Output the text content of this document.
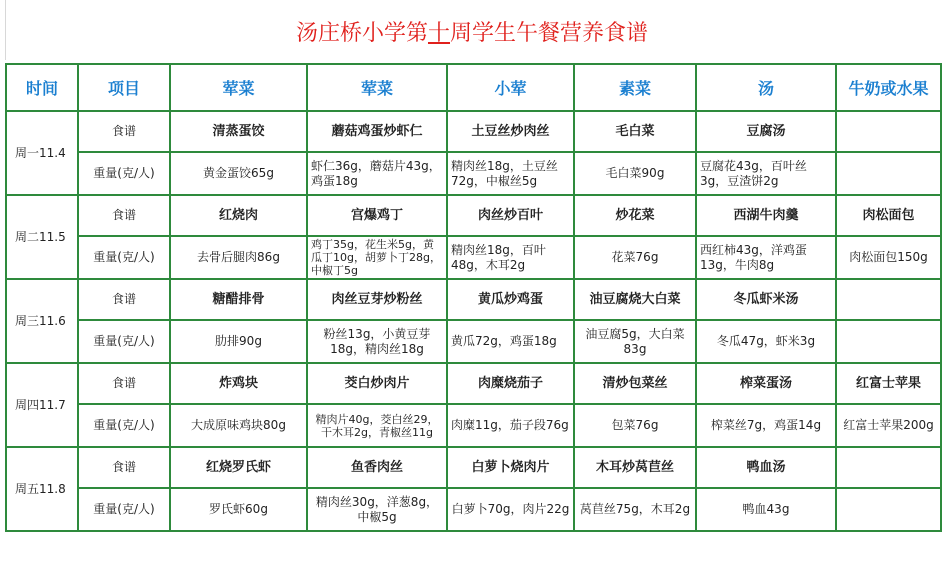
汤庄桥小学第十周学生午餐营养食谱
时间	项目	荤菜	荤菜	小荤	素菜	汤	牛奶或水果
周一11.4	食谱	清蒸蛋饺	蘑菇鸡蛋炒虾仁	土豆丝炒肉丝	毛白菜	豆腐汤	
	重量(克/人)	黄金蛋饺65g	虾仁36g，蘑菇片43g，鸡蛋18g	精肉丝18g，土豆丝72g，中椒丝5g	毛白菜90g	豆腐花43g，百叶丝3g，豆渣饼2g	
周二11.5	食谱	红烧肉	宫爆鸡丁	肉丝炒百叶	炒花菜	西湖牛肉羹	肉松面包
	重量(克/人)	去骨后腿肉86g	鸡丁35g，花生米5g，黄瓜丁10g，胡萝卜丁28g，中椒丁5g	精肉丝18g，百叶48g，木耳2g	花菜76g	西红柿43g，洋鸡蛋13g，牛肉8g	肉松面包150g
周三11.6	食谱	糖醋排骨	肉丝豆芽炒粉丝	黄瓜炒鸡蛋	油豆腐烧大白菜	冬瓜虾米汤	
	重量(克/人)	肋排90g	粉丝13g，小黄豆芽18g，精肉丝18g	黄瓜72g，鸡蛋18g	油豆腐5g，大白菜83g	冬瓜47g，虾米3g	
周四11.7	食谱	炸鸡块	茭白炒肉片	肉糜烧茄子	清炒包菜丝	榨菜蛋汤	红富士苹果
	重量(克/人)	大成原味鸡块80g	精肉片40g，茭白丝29，干木耳2g，青椒丝11g	肉糜11g，茄子段76g	包菜76g	榨菜丝7g，鸡蛋14g	红富士苹果200g
周五11.8	食谱	红烧罗氏虾	鱼香肉丝	白萝卜烧肉片	木耳炒莴苣丝	鸭血汤	
	重量(克/人)	罗氏虾60g	精肉丝30g，洋葱8g，中椒5g	白萝卜70g，肉片22g	莴苣丝75g，木耳2g	鸭血43g	
